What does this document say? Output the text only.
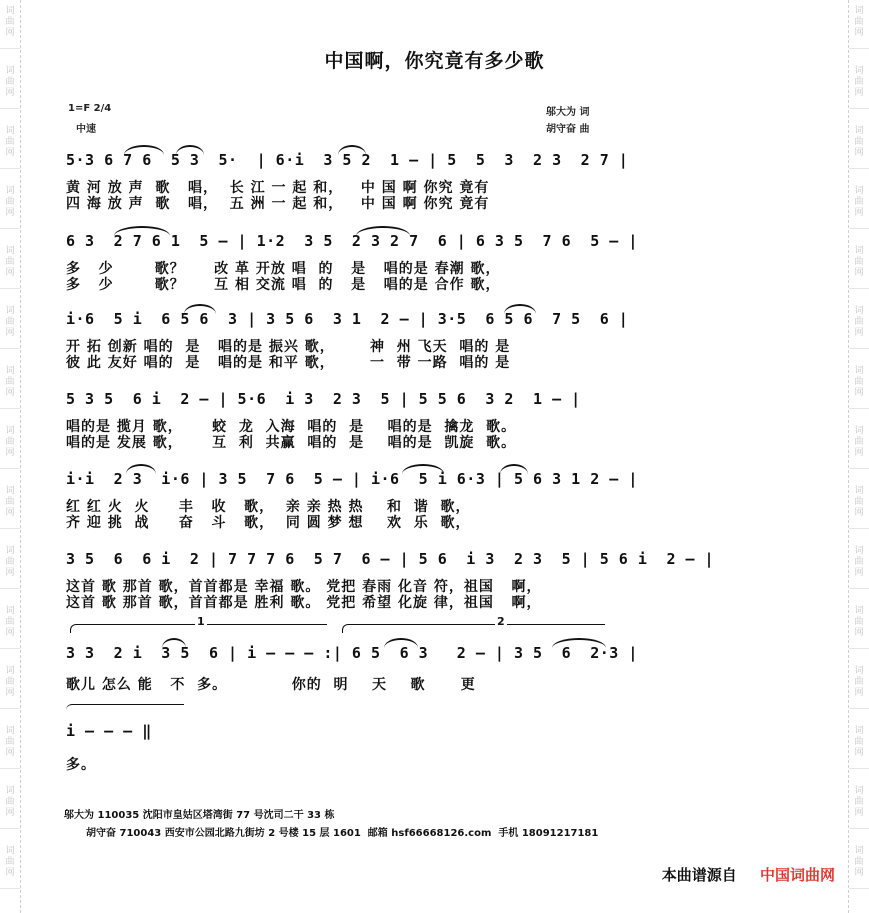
词
曲
网
词
曲
网
词
曲
网
词
曲
网
词
曲
网
词
曲
网
词
曲
网
词
曲
网
词
曲
网
词
曲
网
词
曲
网
词
曲
网
词
曲
网
词
曲
网
词
曲
网
词
曲
网
词
曲
网
词
曲
网
词
曲
网
词
曲
网
词
曲
网
词
曲
网
词
曲
网
词
曲
网
词
曲
网
词
曲
网
词
曲
网
词
曲
网
词
曲
网
词
曲
网
中国啊，你究竟有多少歌
1=F 2/4
中速
邬大为 词
胡守奋 曲
5·3 6 7 6  5 3  5·  | 6·i  3 5 2  1 — | 5  5  3  2 3  2 7 |
黄 河 放 声  歌   唱，  长 江 一 起 和，   中 国 啊 你究 竟有
四 海 放 声  歌   唱，  五 洲 一 起 和，   中 国 啊 你究 竟有
6 3  2 7 6 1  5 — | 1·2  3 5  2 3 2 7  6 | 6 3 5  7 6  5 — |
多   少       歌？     改 革 开放 唱  的   是   唱的是 春潮 歌，
多   少       歌？     互 相 交流 唱  的   是   唱的是 合作 歌，
i·6  5 i  6 5 6  3 | 3 5 6  3 1  2 — | 3·5  6 5 6  7 5  6 |
开 拓 创新 唱的  是   唱的是 振兴 歌，      神  州 飞天  唱的 是
彼 此 友好 唱的  是   唱的是 和平 歌，      一  带 一路  唱的 是
5 3 5  6 i  2 — | 5·6  i 3  2 3  5 | 5 5 6  3 2  1 — |
唱的是 揽月 歌，     蛟  龙  入海  唱的  是    唱的是  擒龙  歌。
唱的是 发展 歌，     互  利  共赢  唱的  是    唱的是  凯旋  歌。
i·i  2 3  i·6 | 3 5  7 6  5 — | i·6  5 i 6·3 | 5 6 3 1 2 — |
红 红 火  火     丰   收   歌，  亲 亲 热 热    和  谐  歌，
齐 迎 挑  战     奋   斗   歌，  同 圆 梦 想    欢  乐  歌，
3 5  6  6 i  2 | 7 7 7 6  5 7  6 — | 5 6  i 3  2 3  5 | 5 6 i  2 — |
这首 歌 那首 歌，首首都是 幸福 歌。 党把 春雨 化音 符，祖国   啊，
这首 歌 那首 歌，首首都是 胜利 歌。 党把 希望 化旋 律，祖国   啊，
1	2
3 3  2 i  3 5  6 | i — — — :| 6 5  6 3   2 — | 3 5  6  2·3 |
歌儿 怎么 能   不  多。           你的  明    天    歌      更
i — — — ‖
多。
邬大为 110035 沈阳市皇姑区塔湾街 77 号沈司二干 33 栋
胡守奋 710043 西安市公园北路九街坊 2 号楼 15 层 1601  邮箱 hsf66668126.com  手机 18091217181
本曲谱源自 中国词曲网
